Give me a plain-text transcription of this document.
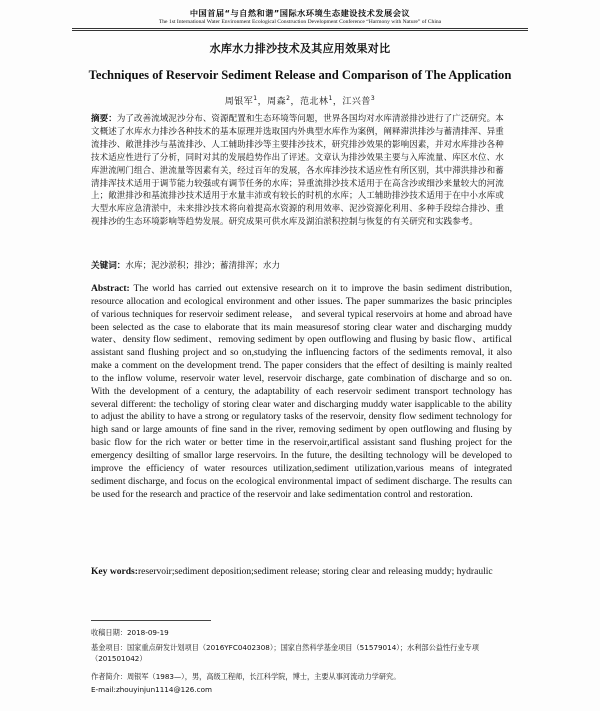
中国首届“与自然和谐”国际水环境生态建设技术发展会议
The 1st International Water Environment Ecological Construction Development Conference “Harmony with Nature” of China
水库水力排沙技术及其应用效果对比
Techniques of Reservoir Sediment Release and Comparison of The Application
周银军$^1$，周森$^2$，范北林$^1$，江兴普$^3$
摘要：为了改善流域泥沙分布、资源配置和生态环境等问题，世界各国均对水库清淤排沙进行了广泛研究。本文概述了水库水力排沙各种技术的基本原理并选取国内外典型水库作为案例，阐释滞洪排沙与蓄清排浑、异重流排沙、敞泄排沙与基流排沙、人工辅助排沙等主要排沙技术，研究排沙效果的影响因素，并对水库排沙各种技术适应性进行了分析，同时对其的发展趋势作出了评述。文章认为排沙效果主要与入库流量、库区水位、水库泄流闸门组合、泄流量等因素有关，经过百年的发展，各水库排沙技术适应性有所区别，其中滞洪排沙和蓄清排浑技术适用于调节能力较强或有调节任务的水库；异重流排沙技术适用于在高含沙或细沙来量较大的河流上；敞泄排沙和基流排沙技术适用于水量丰沛或有较长的时机的水库；人工辅助排沙技术适用于在中小水库或大型水库应急清淤中，未来排沙技术将向着提高水资源的利用效率、泥沙资源化利用、多种手段综合排沙、重视排沙的生态环境影响等趋势发展。研究成果可供水库及湖泊淤积控制与恢复的有关研究和实践参考。
关键词：水库；泥沙淤积；排沙；蓄清排浑；水力
Abstract: The world has carried out extensive research on it to improve the basin sediment distribution, resource allocation and ecological environment and other issues. The paper summarizes the basic principles of various techniques for reservoir sediment release， and several typical reservoirs at home and abroad have been selected as the case to elaborate that its main measuresof storing clear water and discharging muddy water、density flow sediment、removing sediment by open outflowing and flusing by basic flow、artifical assistant sand flushing project and so on,studying the influencing factors of the sediments removal, it also make a comment on the development trend. The paper considers that the effect of desilting is mainly realted to the inflow volume, reservoir water level, reservoir discharge, gate combination of discharge and so on. With the development of a century, the adaptability of each reservoir sediment transport technology has several different: the techoligy of storing clear water and discharging muddy water isapplicable to the ability to adjust the ability to have a strong or regulatory tasks of the reservoir, density flow sediment technology for high sand or large amounts of fine sand in the river, removing sediment by open outflowing and flusing by basic flow for the rich water or better time in the reservoir,artifical assistant sand flushing project for the emergency desilting of smallor large reservoirs. In the future, the desilting technology will be developed to improve the efficiency of water resources utilization,sediment utilization,various means of integrated sediment discharge, and focus on the ecological environmental impact of sediment discharge. The results can be used for the research and practice of the reservoir and lake sedimentation control and restoration.
Key words:reservoir;sediment deposition;sediment release; storing clear and releasing muddy; hydraulic
收稿日期：2018-09-19
基金项目：国家重点研发计划项目（2016YFC0402308）；国家自然科学基金项目（51579014）；水利部公益性行业专项（201501042）
作者简介：周银军（1983—），男，高级工程师，长江科学院，博士，主要从事河流动力学研究。
E-mail:zhouyinjun1114@126.com
